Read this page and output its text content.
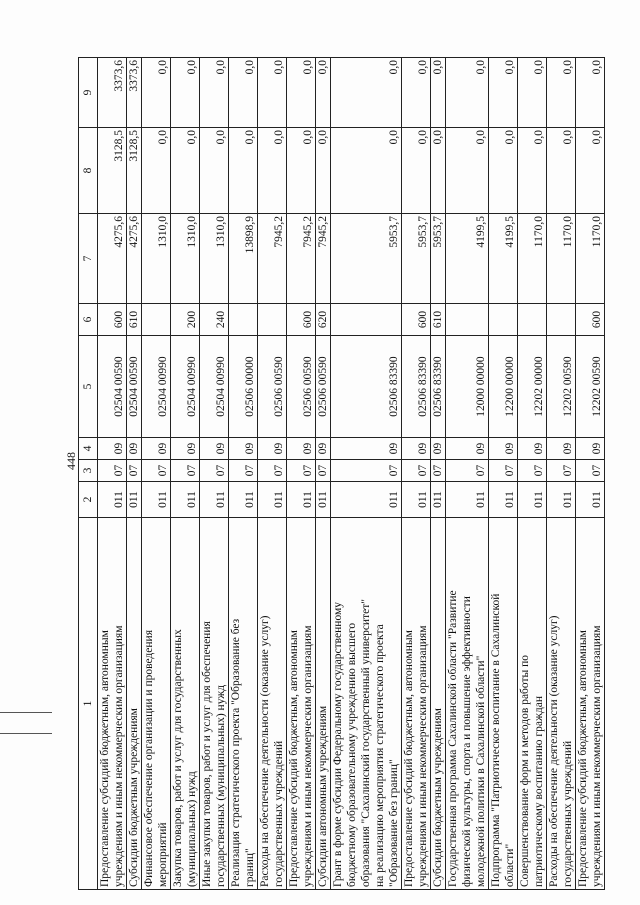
448
1	2	3	4	5	6	7	8	9
Предоставление субсидий бюджетным, автономным
учреждениям и иным некоммерческим организациям	011	07	09	02504 00590	600	4275,6	3128,5	3373,6
Субсидии бюджетным учреждениям	011	07	09	02504 00590	610	4275,6	3128,5	3373,6
Финансовое обеспечение организации и проведения
мероприятий	011	07	09	02504 00990		1310,0	0,0	0,0
Закупка товаров, работ и услуг для государственных
(муниципальных) нужд	011	07	09	02504 00990	200	1310,0	0,0	0,0
Иные закупки товаров, работ и услуг для обеспечения
государственных (муниципальных) нужд	011	07	09	02504 00990	240	1310,0	0,0	0,0
Реализация стратегического проекта "Образование без
границ"	011	07	09	02506 00000		13898,9	0,0	0,0
Расходы на обеспечение деятельности (оказание услуг)
государственных учреждений	011	07	09	02506 00590		7945,2	0,0	0,0
Предоставление субсидий бюджетным, автономным
учреждениям и иным некоммерческим организациям	011	07	09	02506 00590	600	7945,2	0,0	0,0
Субсидии автономным учреждениям	011	07	09	02506 00590	620	7945,2	0,0	0,0
Грант в форме субсидии Федеральному государственному
бюджетному образовательному учреждению высшего
образования "Сахалинский государственный университет"
на реализацию мероприятия стратегического проекта
"Образование без границ"	011	07	09	02506 83390		5953,7	0,0	0,0
Предоставление субсидий бюджетным, автономным
учреждениям и иным некоммерческим организациям	011	07	09	02506 83390	600	5953,7	0,0	0,0
Субсидии бюджетным учреждениям	011	07	09	02506 83390	610	5953,7	0,0	0,0
Государственная программа Сахалинской области "Развитие
физической культуры, спорта и повышение эффективности
молодежной политики в Сахалинской области"	011	07	09	12000 00000		4199,5	0,0	0,0
Подпрограмма "Патриотическое воспитание в Сахалинской
области"	011	07	09	12200 00000		4199,5	0,0	0,0
Совершенствование форм и методов работы по
патриотическому воспитанию граждан	011	07	09	12202 00000		1170,0	0,0	0,0
Расходы на обеспечение деятельности (оказание услуг)
государственных учреждений	011	07	09	12202 00590		1170,0	0,0	0,0
Предоставление субсидий бюджетным, автономным
учреждениям и иным некоммерческим организациям	011	07	09	12202 00590	600	1170,0	0,0	0,0
